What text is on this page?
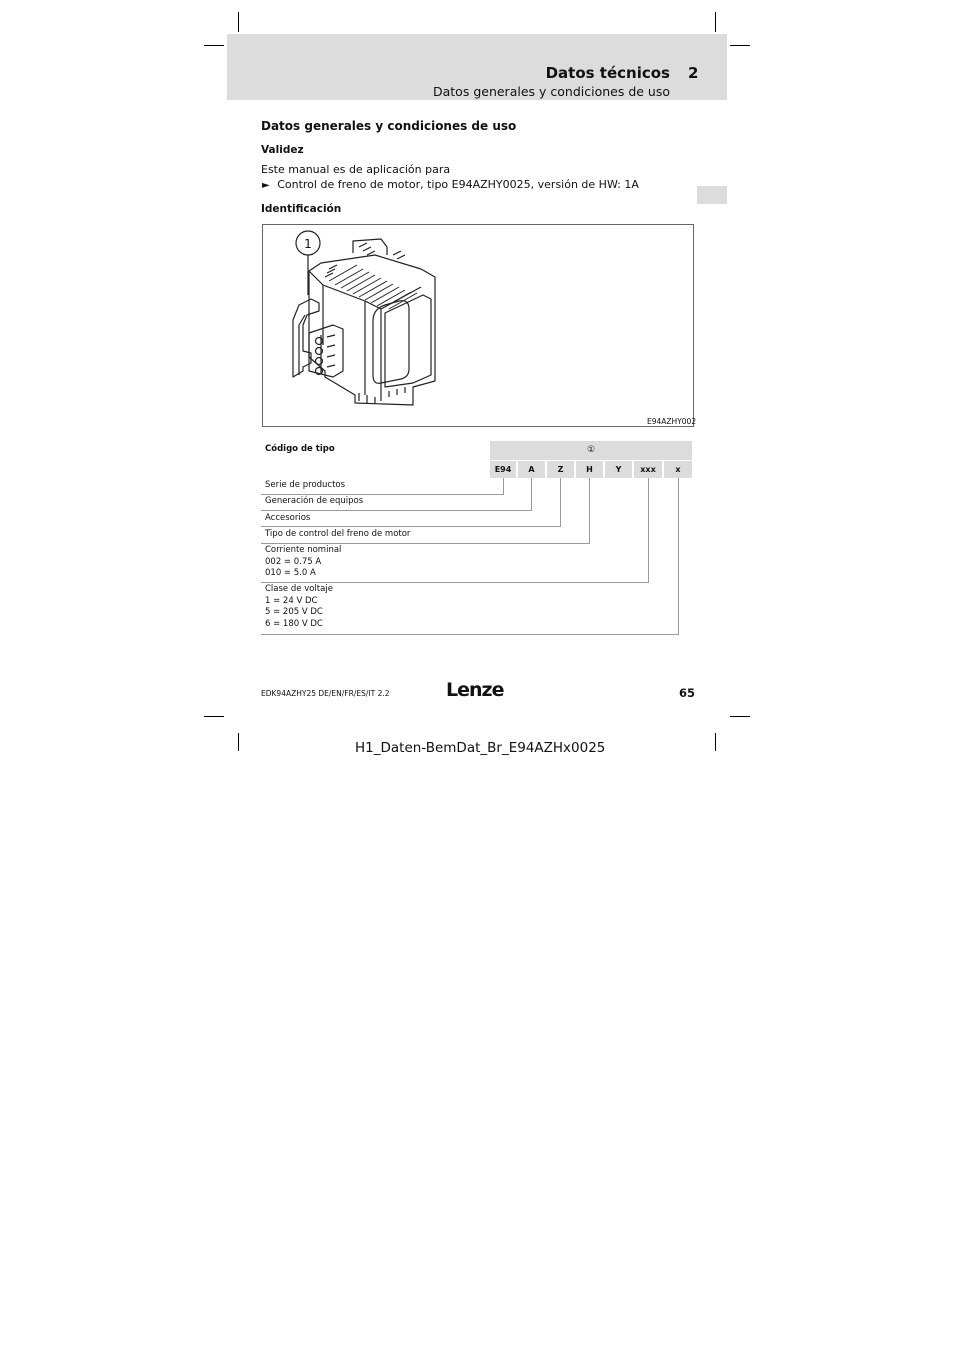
Datos técnicos 2
Datos generales y condiciones de uso
Datos generales y condiciones de uso
Validez
Este manual es de aplicación para
► Control de freno de motor, tipo E94AZHY0025, versión de HW: 1A
Identificación
1
E94AZHY002
Código de tipo	①
E94	A	Z	H	Y	xxx	x
Serie de productos
Generación de equipos
Accesorios
Tipo de control del freno de motor
Corriente nominal
002 = 0.75 A
010 = 5.0 A
Clase de voltaje
1 = 24 V DC
5 = 205 V DC
6 = 180 V DC
EDK94AZHY25 DE/EN/FR/ES/IT 2.2	Lenze	65
H1_Daten-BemDat_Br_E94AZHx0025
